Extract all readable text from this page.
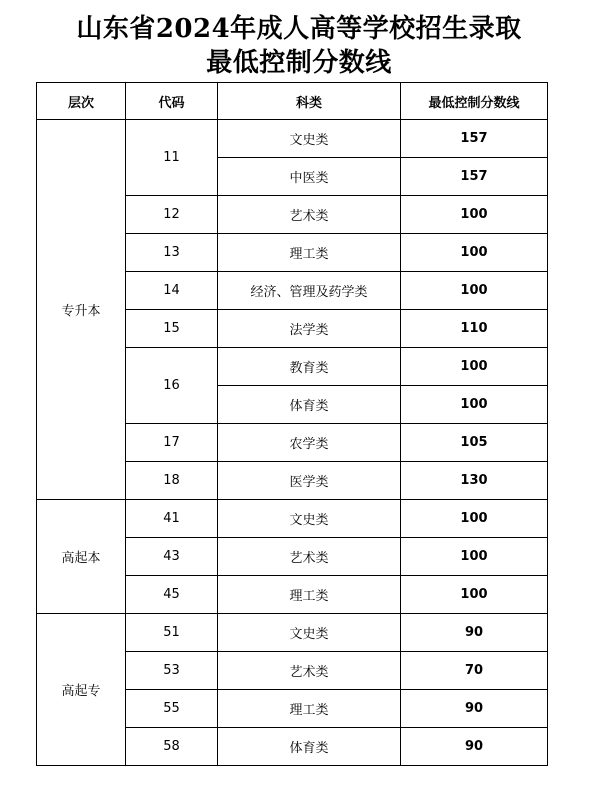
山东省2024年成人高等学校招生录取
最低控制分数线
层次	代码	科类	最低控制分数线
专升本	11	文史类	157
		中医类	157
	12	艺术类	100
	13	理工类	100
	14	经济、管理及药学类	100
	15	法学类	110
	16	教育类	100
		体育类	100
	17	农学类	105
	18	医学类	130
高起本	41	文史类	100
	43	艺术类	100
	45	理工类	100
高起专	51	文史类	90
	53	艺术类	70
	55	理工类	90
	58	体育类	90
